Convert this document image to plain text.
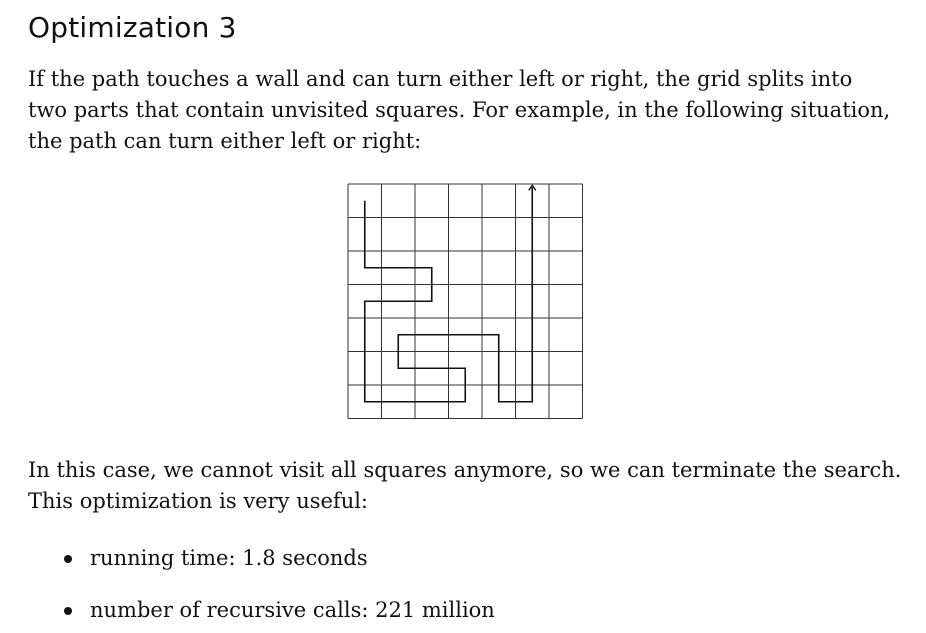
Optimization 3

If the path touches a wall and can turn either left or right, the grid splits into
two parts that contain unvisited squares. For example, in the following situation,
the path can turn either left or right:

In this case, we cannot visit all squares anymore, so we can terminate the search.
This optimization is very useful:

running time: 1.8 seconds
number of recursive calls: 221 million
